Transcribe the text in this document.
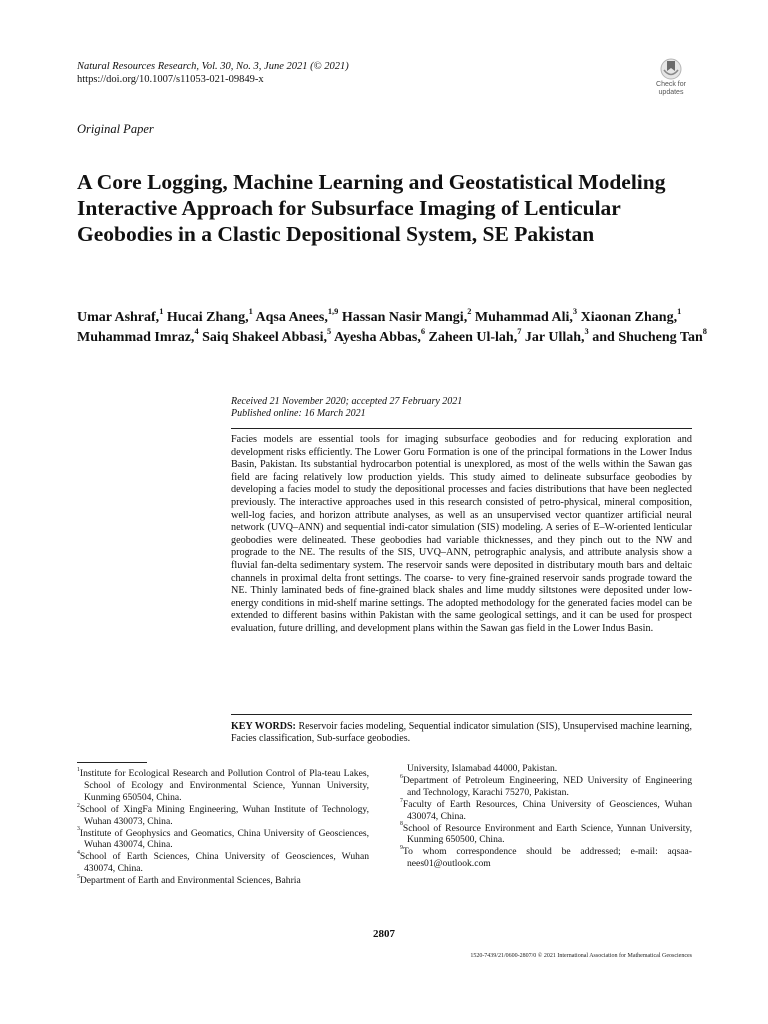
Natural Resources Research, Vol. 30, No. 3, June 2021 (© 2021)
https://doi.org/10.1007/s11053-021-09849-x	Check for
updates
Original Paper
A Core Logging, Machine Learning and Geostatistical Modeling Interactive Approach for Subsurface Imaging of Lenticular Geobodies in a Clastic Depositional System, SE Pakistan
Umar Ashraf,$^1$ Hucai Zhang,$^1$ Aqsa Anees,$^{1,9}$ Hassan Nasir Mangi,$^2$ Muhammad Ali,$^3$ Xiaonan Zhang,$^1$ Muhammad Imraz,$^4$ Saiq Shakeel Abbasi,$^5$ Ayesha Abbas,$^6$ Zaheen Ul-lah,$^7$ Jar Ullah,$^3$ and Shucheng Tan$^8$
Received 21 November 2020; accepted 27 February 2021
Published online: 16 March 2021

Facies models are essential tools for imaging subsurface geobodies and for reducing exploration and development risks efficiently. The Lower Goru Formation is one of the principal formations in the Lower Indus Basin, Pakistan. Its substantial hydrocarbon potential is unexplored, as most of the wells within the Sawan gas field are facing relatively low production yields. This study aimed to delineate subsurface geobodies by developing a facies model to study the depositional processes and facies distributions that have been neglected previously. The interactive approaches used in this research consisted of petro-physical, mineral composition, well-log facies, and horizon attribute analyses, as well as an unsupervised vector quantizer artificial neural network (UVQ–ANN) and sequential indi-cator simulation (SIS) modeling. A series of E–W-oriented lenticular geobodies were delineated. These geobodies had variable thicknesses, and they pinch out to the NW and prograde to the NE. The results of the SIS, UVQ–ANN, petrographic analysis, and attribute analysis show a fluvial fan-delta sedimentary system. The reservoir sands were deposited in distributary mouth bars and deltaic channels in proximal delta front settings. The coarse- to very fine-grained reservoir sands prograde toward the NE. Thinly laminated beds of fine-grained black shales and lime muddy siltstones were deposited under low-energy conditions in mid-shelf marine settings. The adopted methodology for the generated facies model can be extended to different basins within Pakistan with the same geological settings, and it can be used for prospect evaluation, future drilling, and development plans within the Sawan gas field in the Lower Indus Basin.

KEY WORDS: Reservoir facies modeling, Sequential indicator simulation (SIS), Unsupervised machine learning, Facies classification, Sub-surface geobodies.

$^1$Institute for Ecological Research and Pollution Control of Pla-teau Lakes, School of Ecology and Environmental Science, Yunnan University, Kunming 650504, China.

$^2$School of XingFa Mining Engineering, Wuhan Institute of Technology, Wuhan 430073, China.

$^3$Institute of Geophysics and Geomatics, China University of Geosciences, Wuhan 430074, China.

$^4$School of Earth Sciences, China University of Geosciences, Wuhan 430074, China.

$^5$Department of Earth and Environmental Sciences, Bahria

University, Islamabad 44000, Pakistan.

$^6$Department of Petroleum Engineering, NED University of Engineering and Technology, Karachi 75270, Pakistan.

$^7$Faculty of Earth Resources, China University of Geosciences, Wuhan 430074, China.

$^8$School of Resource Environment and Earth Science, Yunnan University, Kunming 650500, China.

$^9$To whom correspondence should be addressed; e-mail: aqsaa-nees01@outlook.com

2807
1520-7439/21/0600-2807/0 © 2021 International Association for Mathematical Geosciences
